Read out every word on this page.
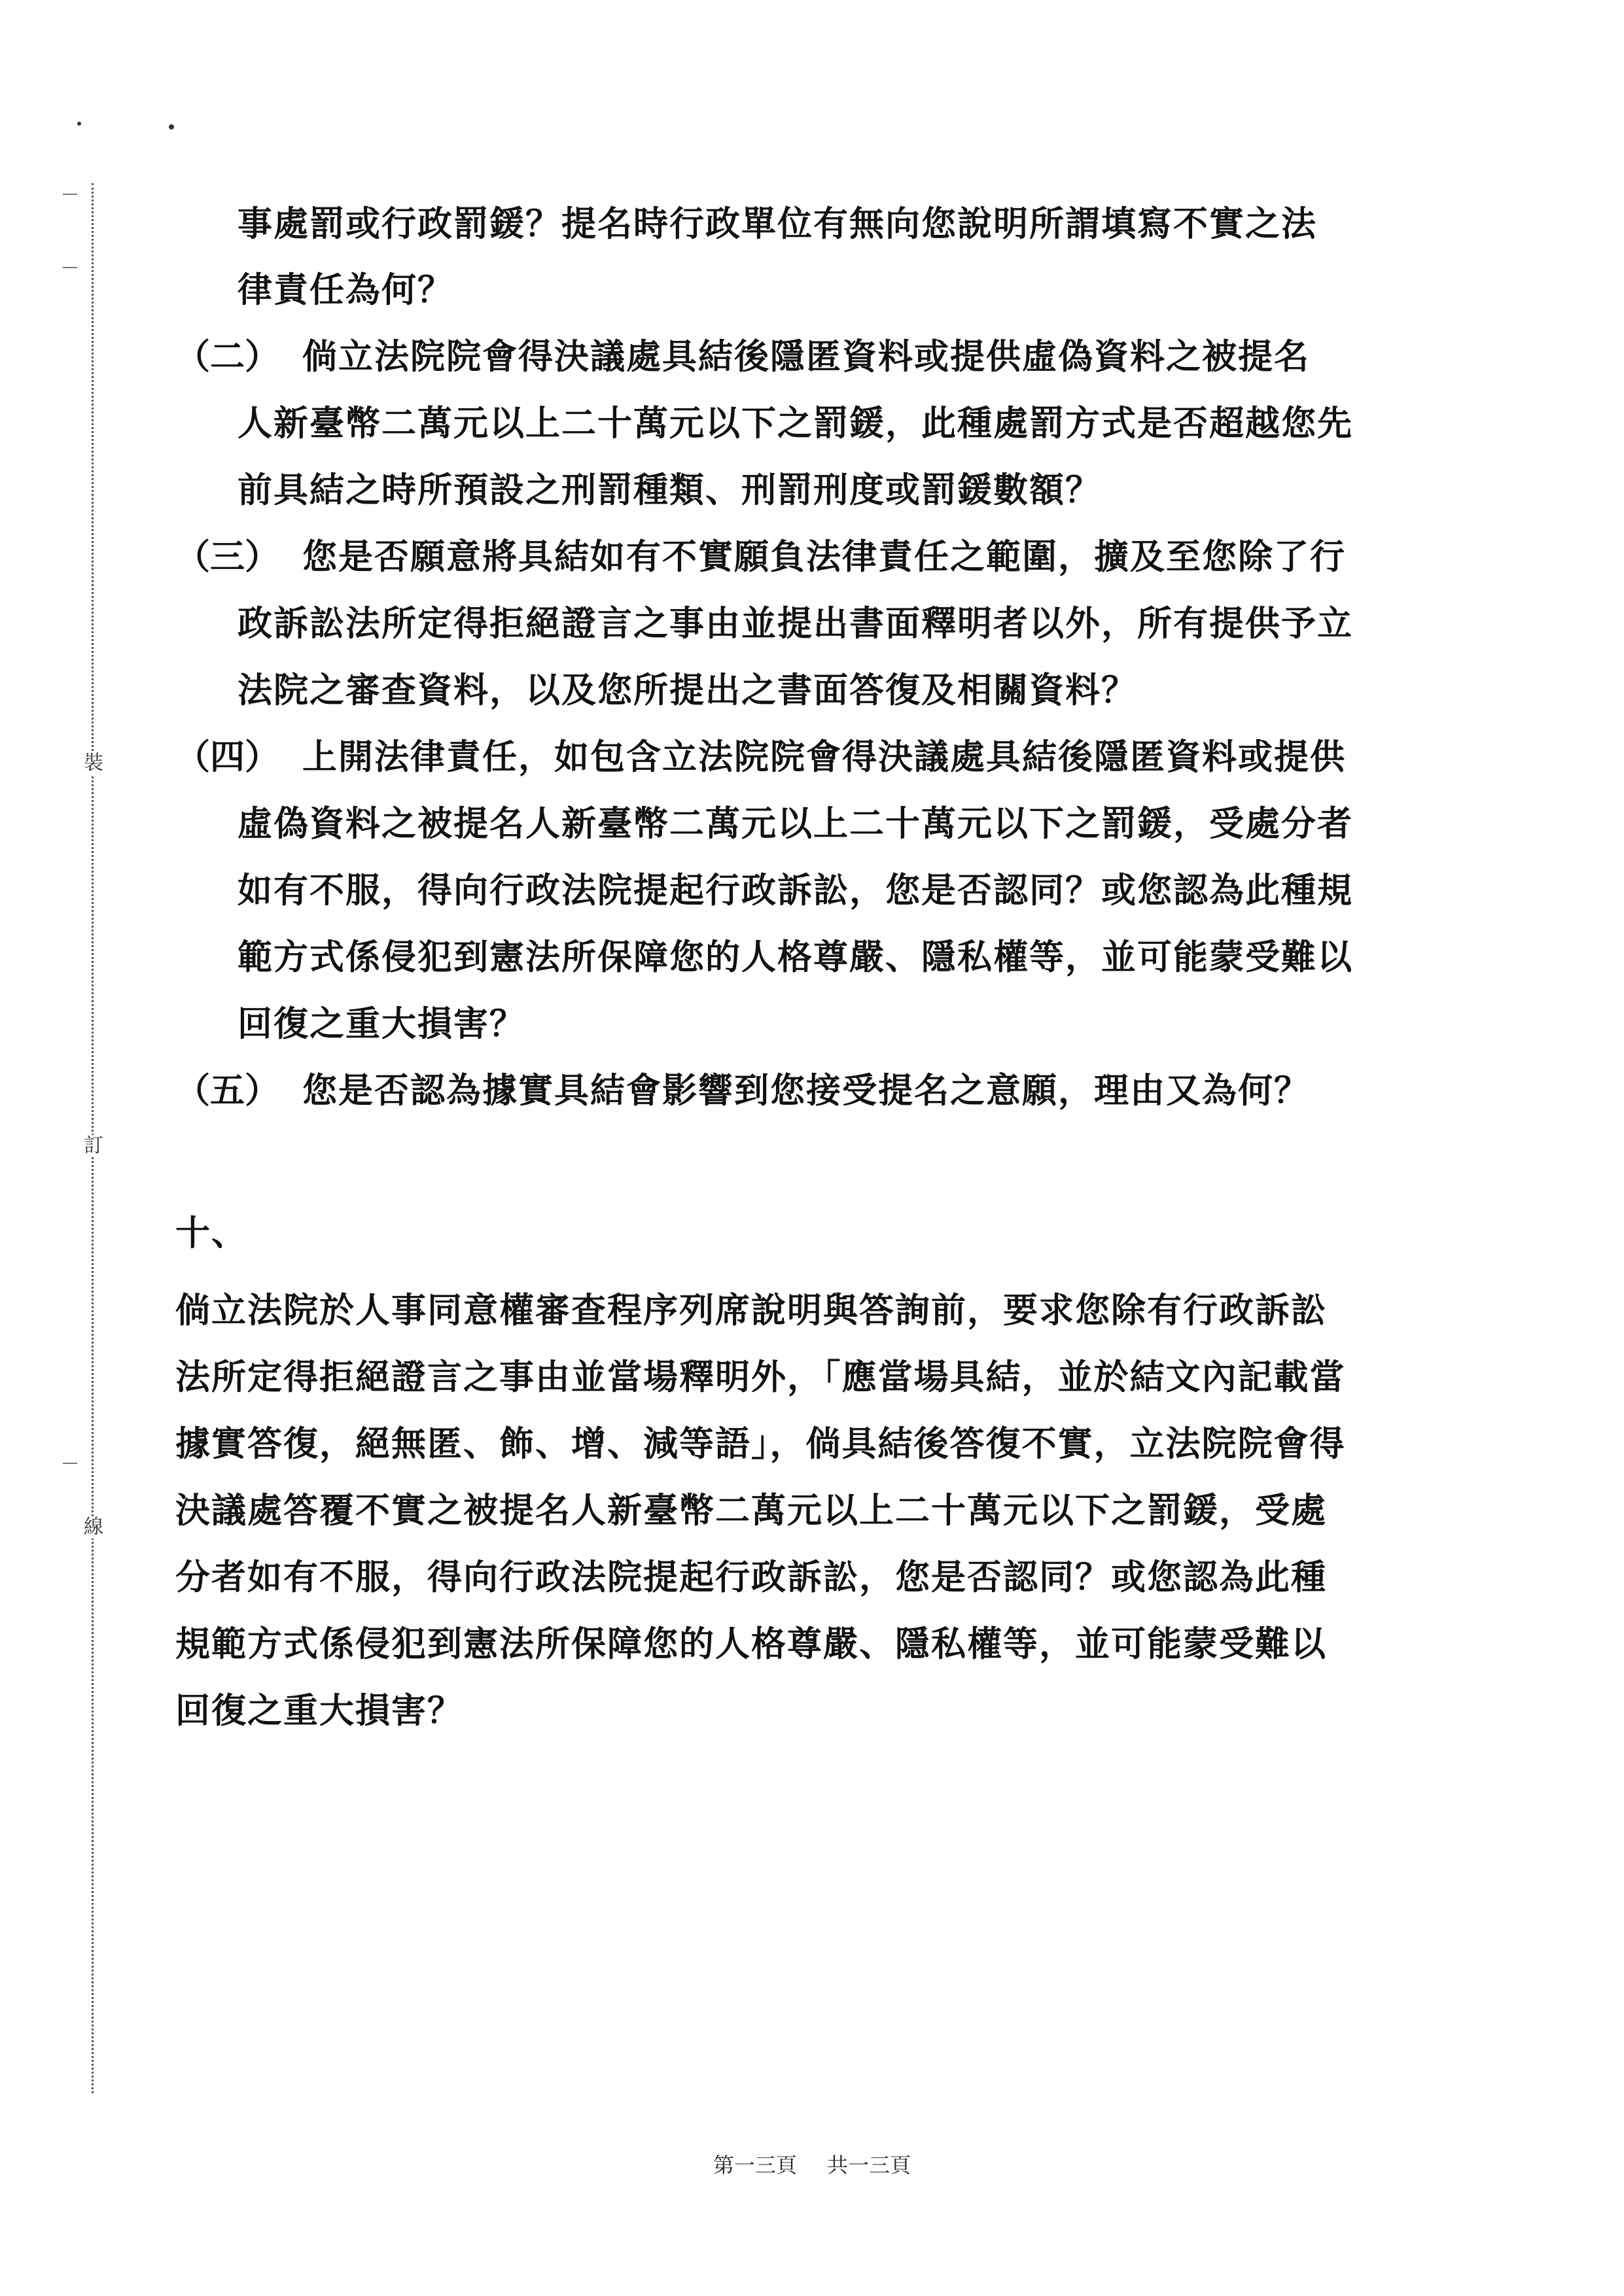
裝
訂
線
事處罰或行政罰鍰？提名時行政單位有無向您說明所謂填寫不實之法
律責任為何？
（二） 倘立法院院會得決議處具結後隱匿資料或提供虛偽資料之被提名
人新臺幣二萬元以上二十萬元以下之罰鍰，此種處罰方式是否超越您先
前具結之時所預設之刑罰種類、刑罰刑度或罰鍰數額？
（三） 您是否願意將具結如有不實願負法律責任之範圍，擴及至您除了行
政訴訟法所定得拒絕證言之事由並提出書面釋明者以外，所有提供予立
法院之審查資料，以及您所提出之書面答復及相關資料？
（四） 上開法律責任，如包含立法院院會得決議處具結後隱匿資料或提供
虛偽資料之被提名人新臺幣二萬元以上二十萬元以下之罰鍰，受處分者
如有不服，得向行政法院提起行政訴訟，您是否認同？或您認為此種規
範方式係侵犯到憲法所保障您的人格尊嚴、隱私權等，並可能蒙受難以
回復之重大損害？
（五） 您是否認為據實具結會影響到您接受提名之意願，理由又為何？
十、
倘立法院於人事同意權審查程序列席說明與答詢前，要求您除有行政訴訟
法所定得拒絕證言之事由並當場釋明外，「應當場具結，並於結文內記載當
據實答復，絕無匿、飾、增、減等語」，倘具結後答復不實，立法院院會得
決議處答覆不實之被提名人新臺幣二萬元以上二十萬元以下之罰鍰，受處
分者如有不服，得向行政法院提起行政訴訟，您是否認同？或您認為此種
規範方式係侵犯到憲法所保障您的人格尊嚴、隱私權等，並可能蒙受難以
回復之重大損害？
第一三頁 共一三頁
